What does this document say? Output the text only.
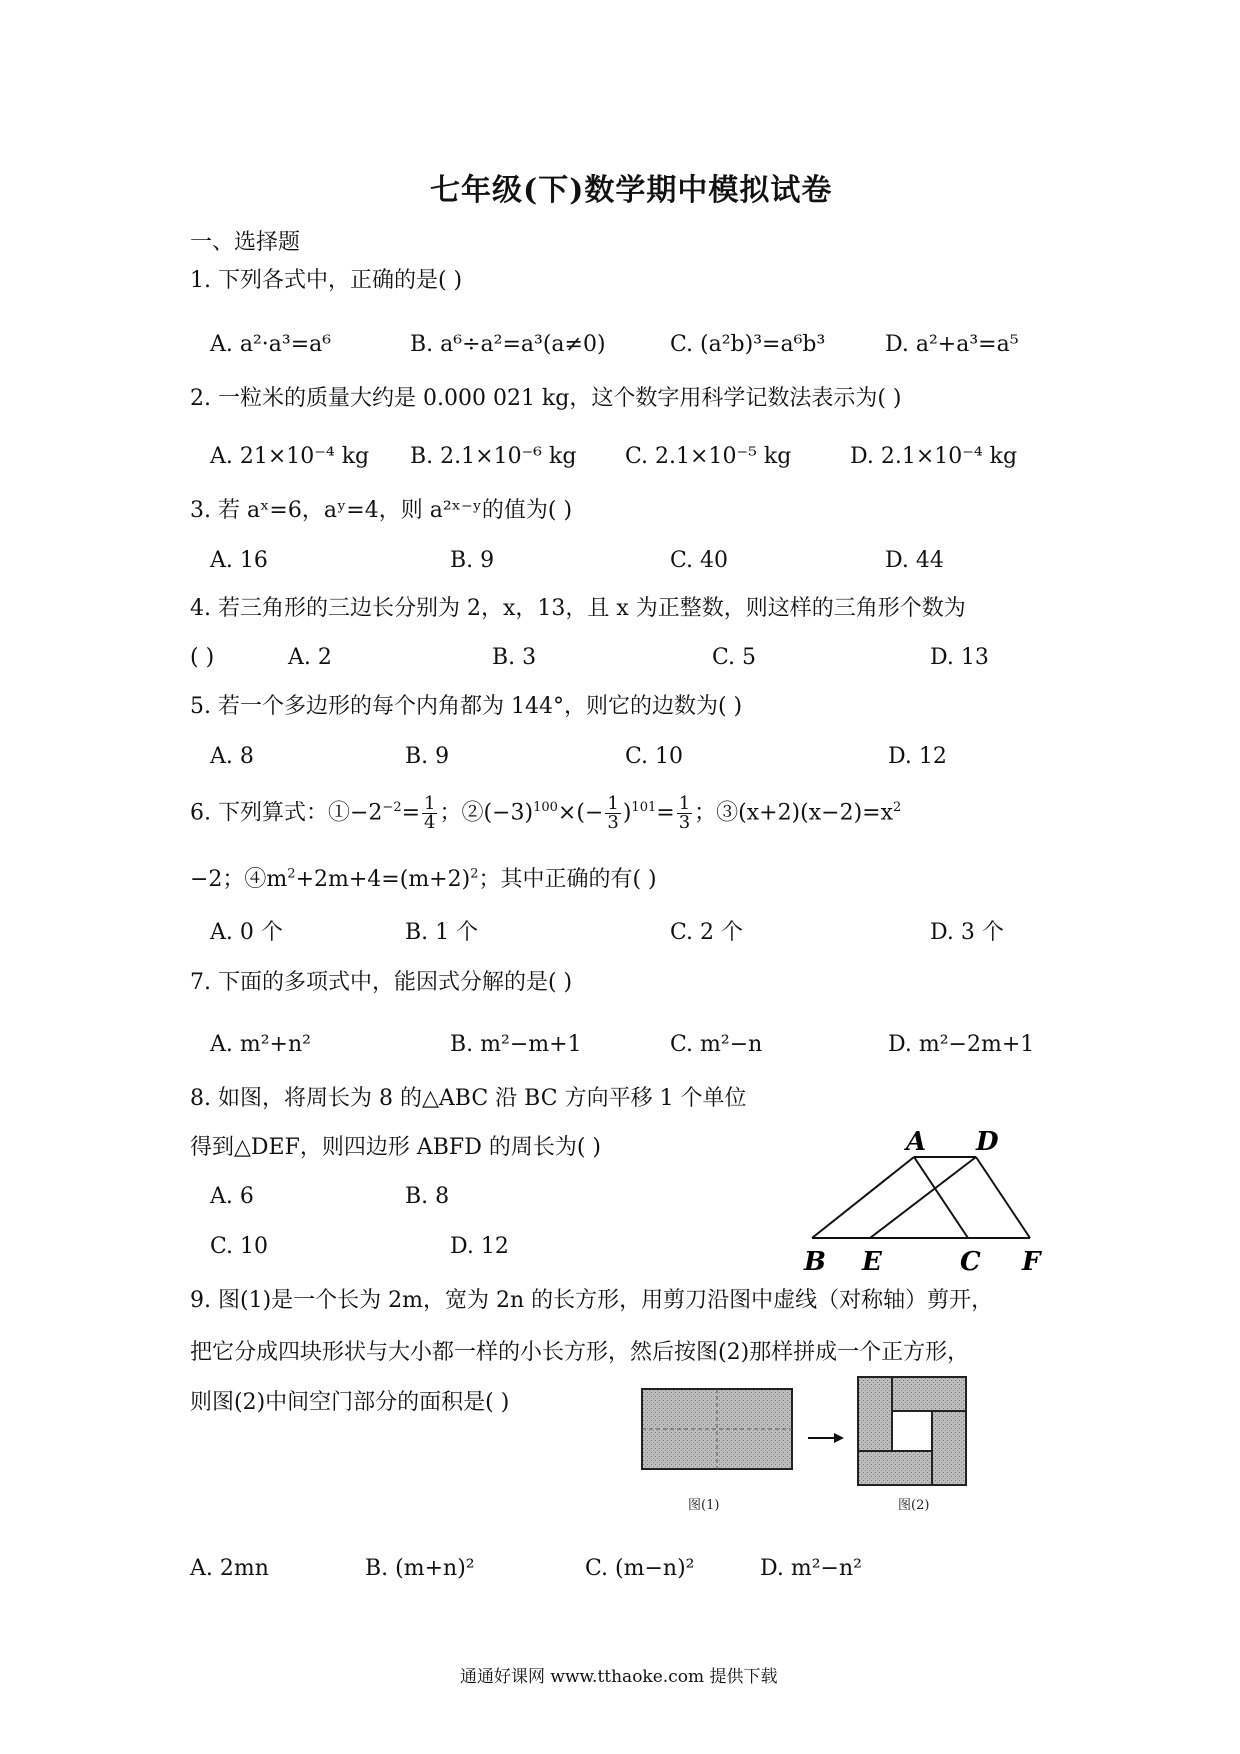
七年级(下)数学期中模拟试卷
一、选择题
1. 下列各式中，正确的是( )
A. a²·a³=a⁶	B. a⁶÷a²=a³(a≠0)	C. (a²b)³=a⁶b³	D. a²+a³=a⁵
2. 一粒米的质量大约是 0.000 021 kg，这个数字用科学记数法表示为( )
A. 21×10⁻⁴ kg B. 2.1×10⁻⁶ kg C. 2.1×10⁻⁵ kg	D. 2.1×10⁻⁴ kg
3. 若 aˣ=6，aʸ=4，则 a²ˣ⁻ʸ的值为( )
A. 16	B. 9	C. 40	D. 44
4. 若三角形的三边长分别为 2，x，13，且 x 为正整数，则这样的三角形个数为
( )	A. 2	B. 3	C. 5	D. 13
5. 若一个多边形的每个内角都为 144°，则它的边数为( )
A. 8	B. 9	C. 10	D. 12
6. 下列算式：$①-2^{-2}= \frac{1}{4}$ ；$②(-3)^{100}\times(- \frac{1}{3} )^{101}= \frac{1}{3}$ ；$③(x+2)(x-2)=x^2$
−2；$④m^2+2m+4=(m+2)^2$；其中正确的有( )
A. 0 个	B. 1 个	C. 2 个	D. 3 个
7. 下面的多项式中，能因式分解的是( )
A. m²+n²	B. m²−m+1	C. m²−n	D. m²−2m+1
8. 如图，将周长为 8 的△ABC 沿 BC 方向平移 1 个单位
得到△DEF，则四边形 ABFD 的周长为( )
A. 6	B. 8
C. 10	D. 12
A D
B E	C F
9. 图(1)是一个长为 2m，宽为 2n 的长方形，用剪刀沿图中虚线（对称轴）剪开，
把它分成四块形状与大小都一样的小长方形，然后按图(2)那样拼成一个正方形，
则图(2)中间空门部分的面积是( )
图(1)	图(2)
A. 2mn	B. (m+n)²	C. (m−n)²	D. m²−n²
通通好课网 www.tthaoke.com 提供下载
